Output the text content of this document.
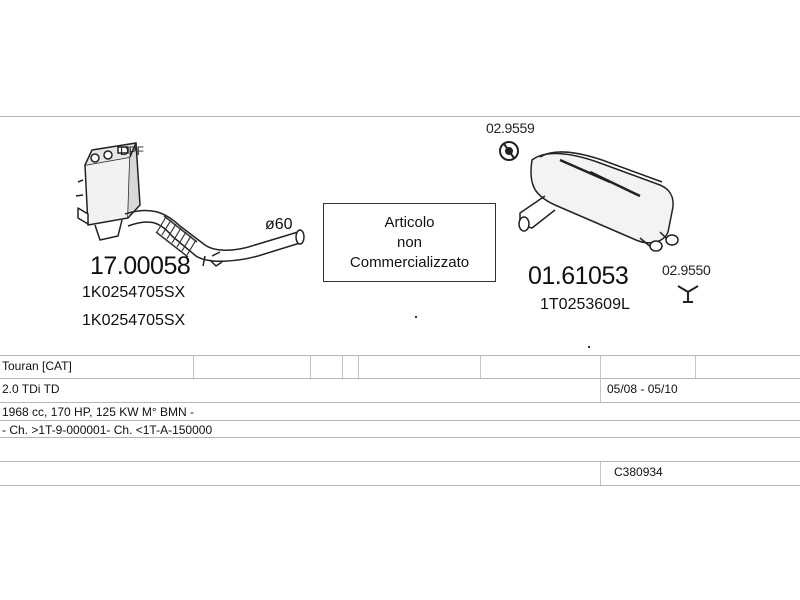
DPF
ø60
17.00058
1K0254705SX
1K0254705SX
Articolo
non
Commercializzato
02.9559
01.61053
1T0253609L
02.9550
Touran [CAT]
2.0 TDi TD	05/08 - 05/10
1968 cc, 170 HP, 125 KW M° BMN -
- Ch. >1T-9-000001- Ch. <1T-A-150000
C380934
